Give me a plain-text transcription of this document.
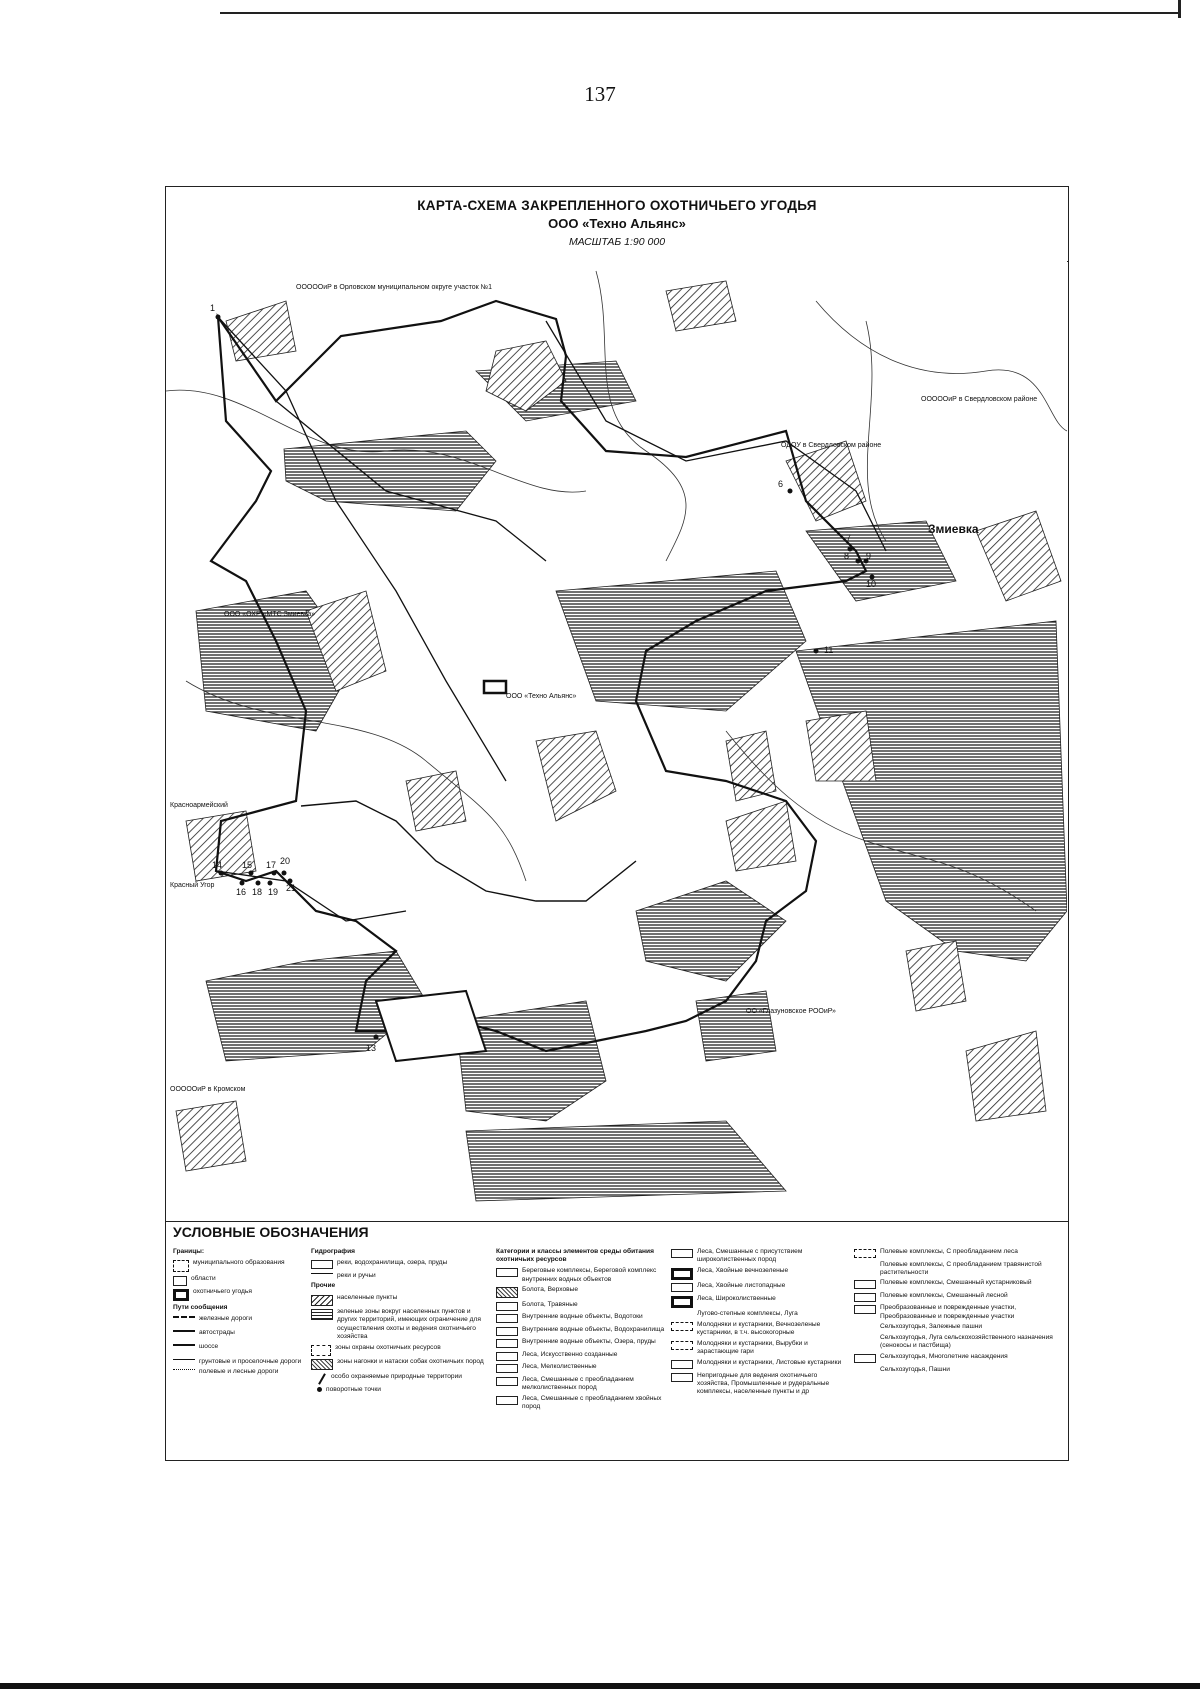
137
КАРТА-СХЕМА ЗАКРЕПЛЕННОГО ОХОТНИЧЬЕГО УГОДЬЯ
ООО «Техно Альянс»
МАСШТАБ 1:90 000
1
6
7
8 9
10
11
13
14 15
16
17
18 19
20
21
ОООООиР в Орловском муниципальном округе участок №1
ОООООиР в Свердловском районе
ОДОУ в Свердловском районе
Змиевка
ООО «ОХР «МТС Змиевка»
ООО «Техно Альянс»
ОО «Глазуновское РООиР»
ОООООиР в Кромском
Красноармейский
Красный Угор
УСЛОВНЫЕ ОБОЗНАЧЕНИЯ
Границы:
муниципального образования
области
охотничьего угодья
Пути сообщения
железные дороги
автострады
шоссе
грунтовые и проселочные дороги
полевые и лесные дороги
Гидрография
реки, водохранилища, озера, пруды
реки и ручьи
Прочие
населенные пункты
зеленые зоны вокруг населенных пунктов и других территорий, имеющих ограничение для осуществления охоты и ведения охотничьего хозяйства
зоны охраны охотничьих ресурсов
зоны нагонки и натаски собак охотничьих пород
особо охраняемые природные территории
поворотные точки
Категории и классы элементов среды обитания охотничьих ресурсов
Береговые комплексы, Береговой комплекс внутренних водных объектов
Болота, Верховые
Болота, Травяные
Внутренние водные объекты, Водотоки
Внутренние водные объекты, Водохранилища
Внутренние водные объекты, Озера, пруды
Леса, Искусственно созданные
Леса, Мелколиственные
Леса, Смешанные с преобладанием мелколиственных пород
Леса, Смешанные с преобладанием хвойных пород
Леса, Смешанные с присутствием широколиственных пород
Леса, Хвойные вечнозеленые
Леса, Хвойные листопадные
Леса, Широколиственные
Лугово-степные комплексы, Луга
Молодняки и кустарники, Вечнозеленые кустарники, в т.ч. высокогорные
Молодняки и кустарники, Вырубки и зарастающие гари
Молодняки и кустарники, Листовые кустарники
Непригодные для ведения охотничьего хозяйства, Промышленные и рудеральные комплексы, населенные пункты и др
Полевые комплексы, С преобладанием леса
Полевые комплексы, С преобладанием травянистой растительности
Полевые комплексы, Смешанный кустарниковый
Полевые комплексы, Смешанный лесной
Преобразованные и поврежденные участки, Преобразованные и поврежденные участки
Сельхозугодья, Залежные пашни
Сельхозугодья, Луга сельскохозяйственного назначения (сенокосы и пастбища)
Сельхозугодья, Многолетние насаждения
Сельхозугодья, Пашни
